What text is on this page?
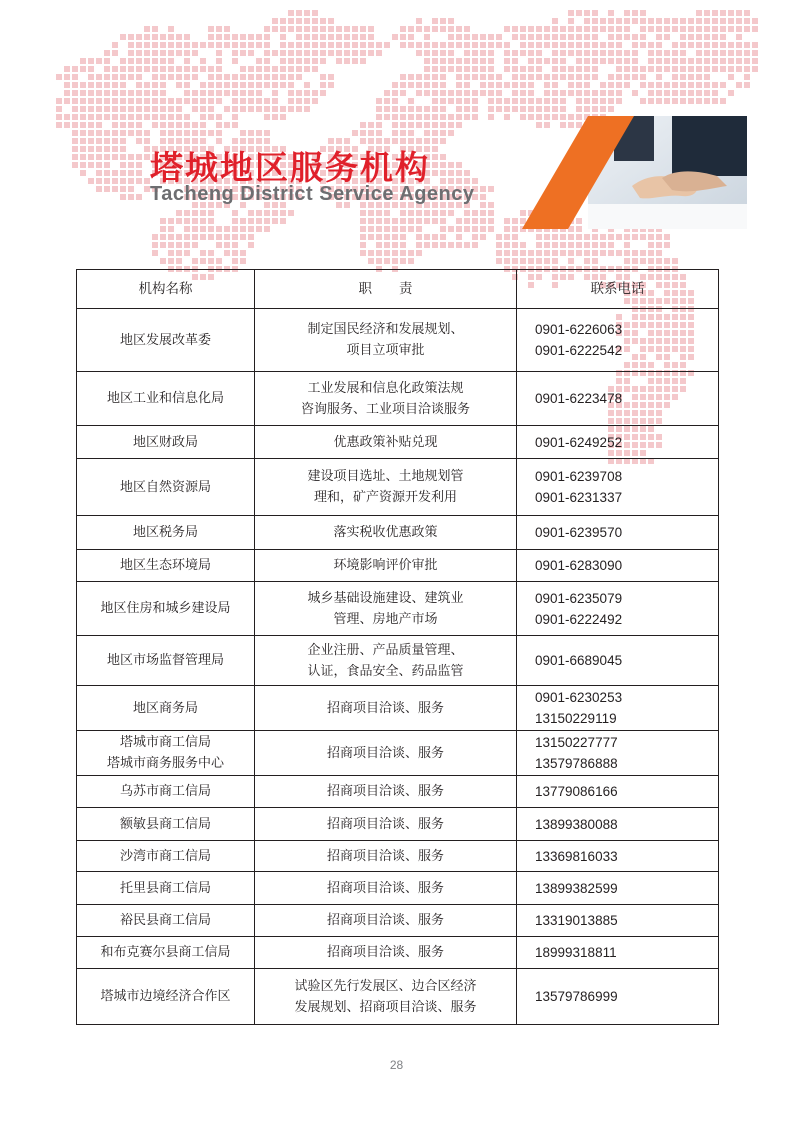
塔城地区服务机构
Tacheng District Service Agency
机构名称	职　　责	联系电话

地区发展改革委	制定国民经济和发展规划、
项目立项审批	0901-6226063
0901-6222542

地区工业和信息化局	工业发展和信息化政策法规
咨询服务、工业项目洽谈服务	0901-6223478

地区财政局	优惠政策补贴兑现	0901-6249252

地区自然资源局	建设项目选址、土地规划管
理和，矿产资源开发利用	0901-6239708
0901-6231337

地区税务局	落实税收优惠政策	0901-6239570

地区生态环境局	环境影响评价审批	0901-6283090

地区住房和城乡建设局	城乡基础设施建设、建筑业
管理、房地产市场	0901-6235079
0901-6222492

地区市场监督管理局	企业注册、产品质量管理、
认证，食品安全、药品监管	0901-6689045

地区商务局	招商项目洽谈、服务	0901-6230253
13150229119

塔城市商工信局
塔城市商务服务中心	招商项目洽谈、服务	13150227777
13579786888

乌苏市商工信局	招商项目洽谈、服务	13779086166

额敏县商工信局	招商项目洽谈、服务	13899380088

沙湾市商工信局	招商项目洽谈、服务	13369816033

托里县商工信局	招商项目洽谈、服务	13899382599

裕民县商工信局	招商项目洽谈、服务	13319013885

和布克赛尔县商工信局	招商项目洽谈、服务	18999318811

塔城市边境经济合作区	试验区先行发展区、边合区经济
发展规划、招商项目洽谈、服务	13579786999
28
